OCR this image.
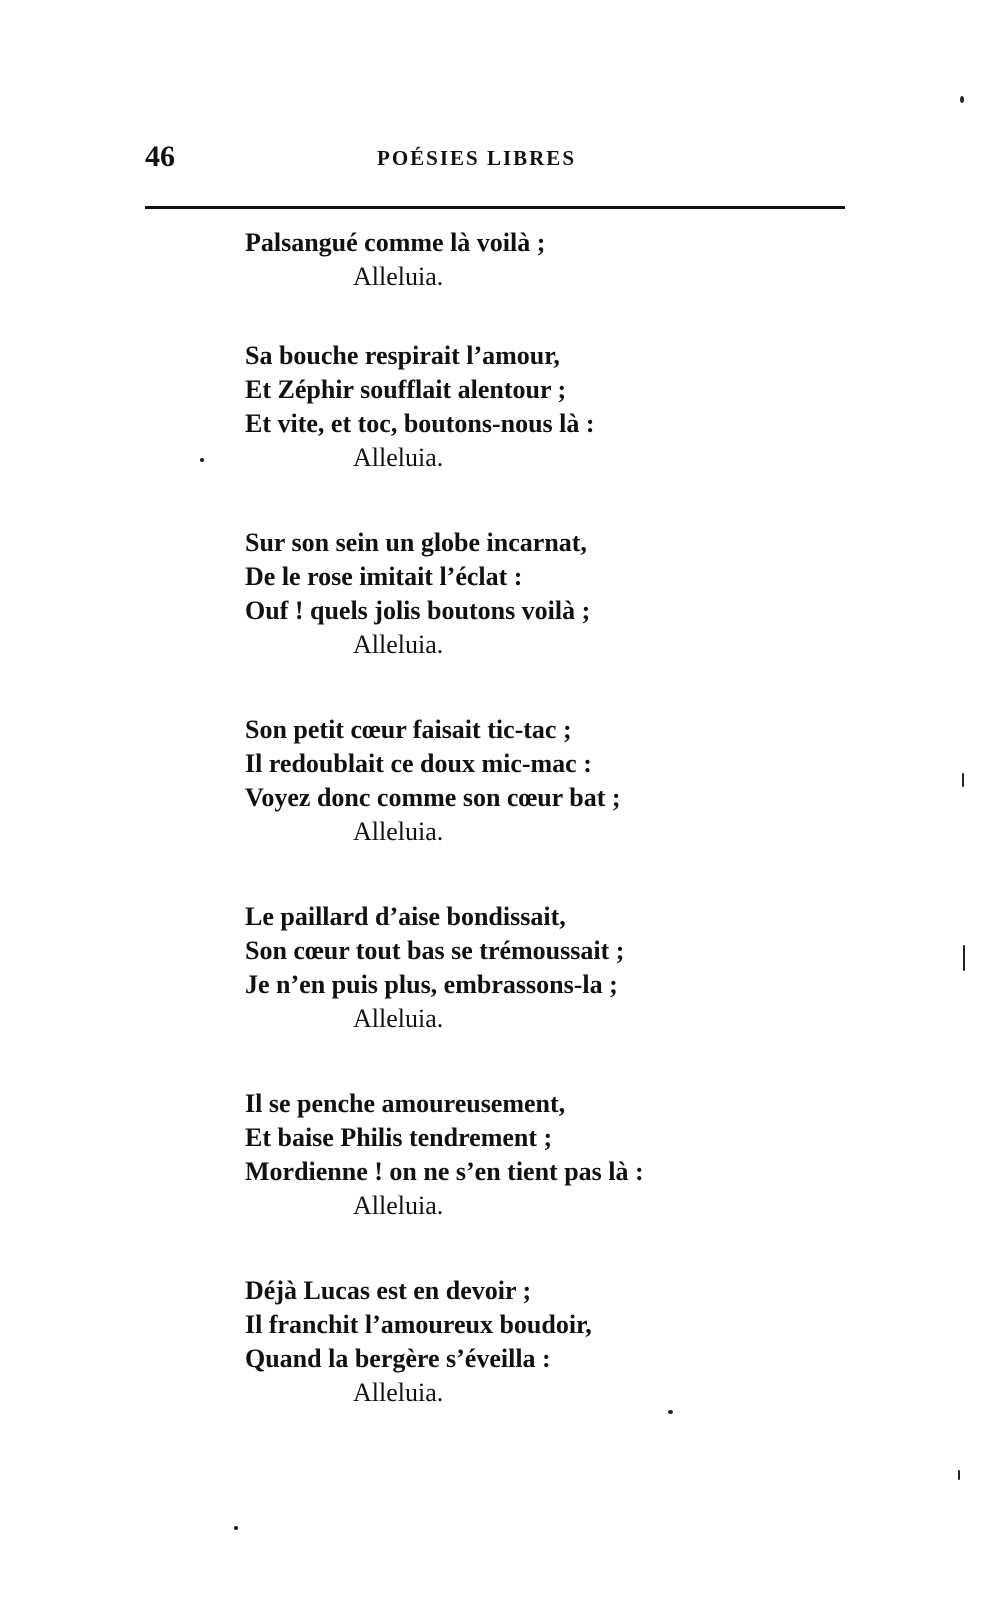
46	POÉSIES LIBRES
Palsangué comme là voilà ;
Alleluia.
Sa bouche respirait l’amour,
Et Zéphir soufflait alentour ;
Et vite, et toc, boutons-nous là :
Alleluia.
Sur son sein un globe incarnat,
De le rose imitait l’éclat :
Ouf ! quels jolis boutons voilà ;
Alleluia.
Son petit cœur faisait tic-tac ;
Il redoublait ce doux mic-mac :
Voyez donc comme son cœur bat ;
Alleluia.
Le paillard d’aise bondissait,
Son cœur tout bas se trémoussait ;
Je n’en puis plus, embrassons-la ;
Alleluia.
Il se penche amoureusement,
Et baise Philis tendrement ;
Mordienne ! on ne s’en tient pas là :
Alleluia.
Déjà Lucas est en devoir ;
Il franchit l’amoureux boudoir,
Quand la bergère s’éveilla :
Alleluia.
